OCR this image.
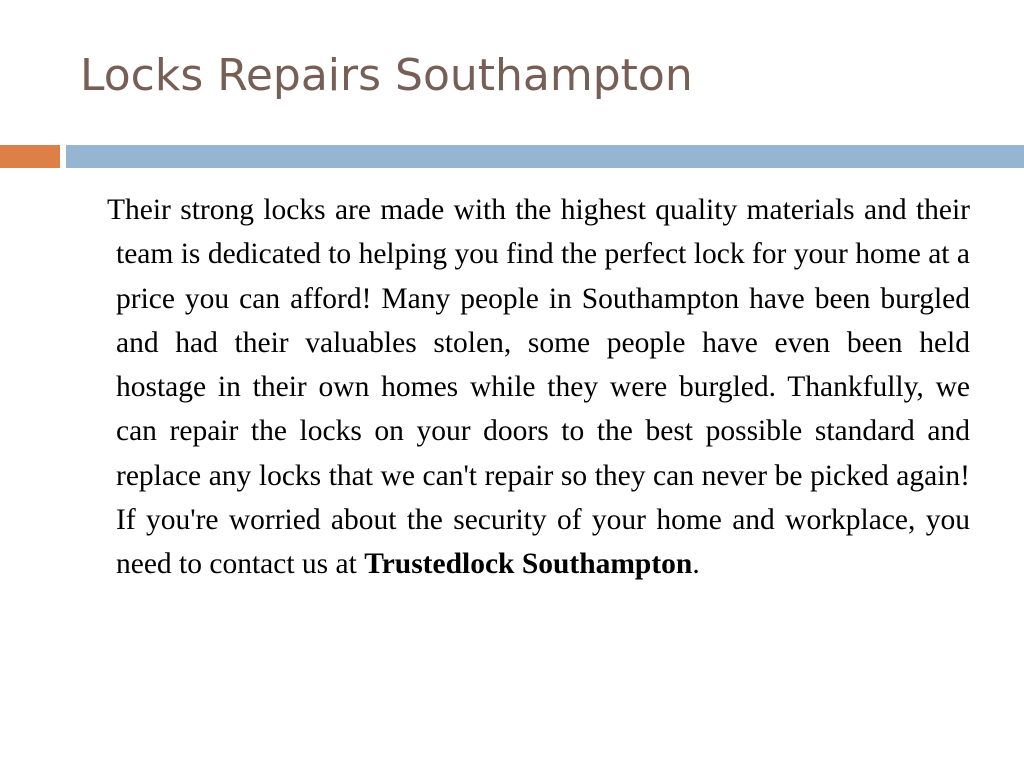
Locks Repairs Southampton

Their strong locks are made with the highest quality materials and their team is dedicated to helping you find the perfect lock for your home at a price you can afford! Many people in Southampton have been burgled and had their valuables stolen, some people have even been held hostage in their own homes while they were burgled. Thankfully, we can repair the locks on your doors to the best possible standard and replace any locks that we can't repair so they can never be picked again! If you're worried about the security of your home and workplace, you need to contact us at Trustedlock Southampton.
